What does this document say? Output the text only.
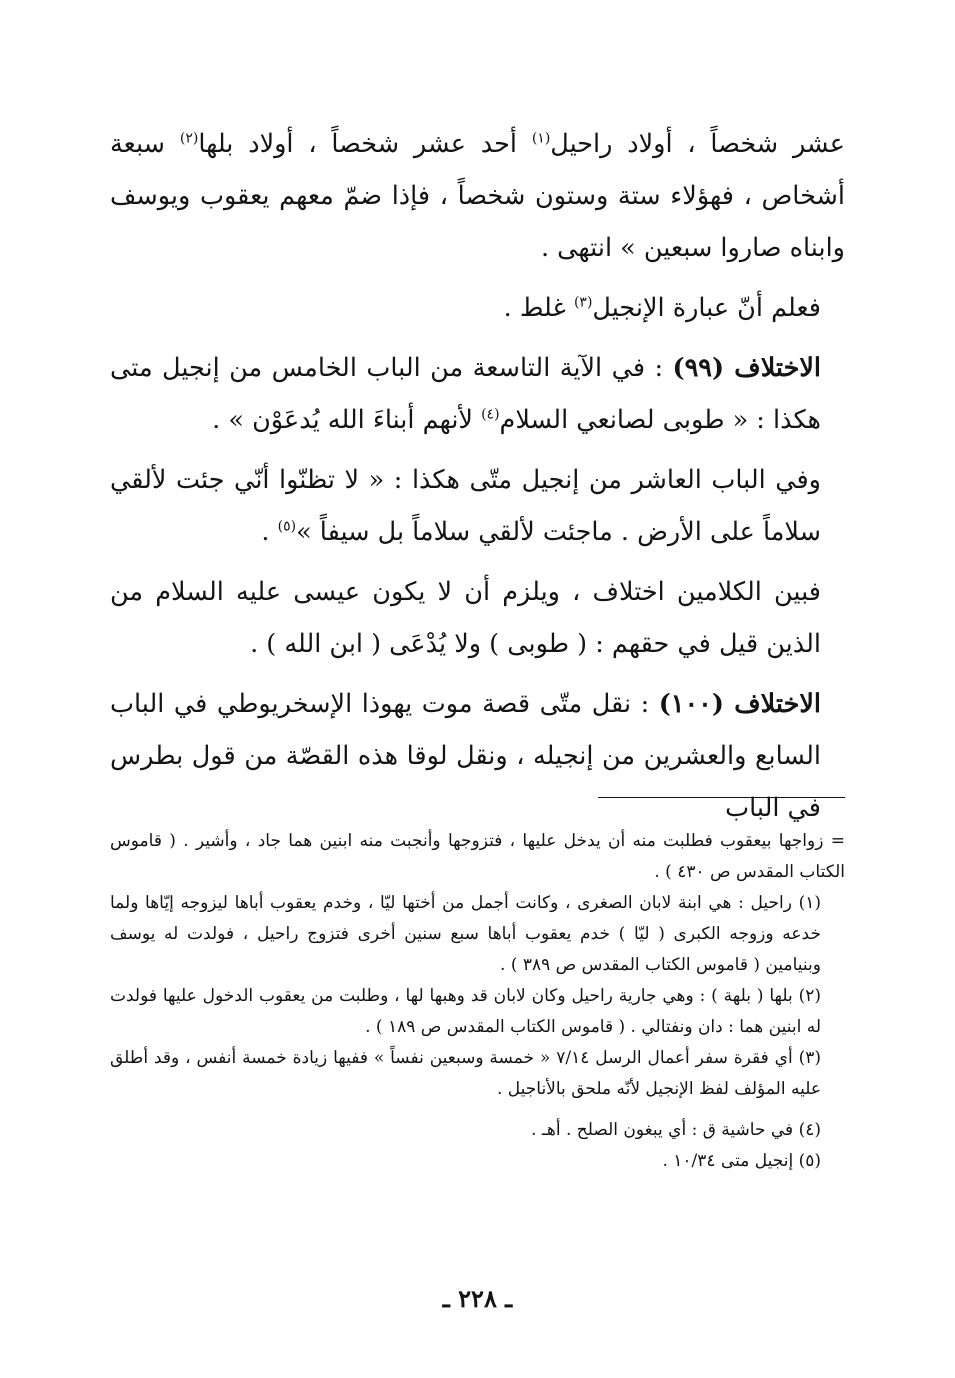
عشر شخصاً ، أولاد راحيل$^{(١)}$ أحد عشر شخصاً ، أولاد بلها$^{(٢)}$ سبعة أشخاص ، فهؤلاء ستة وستون شخصاً ، فإذا ضمّ معهم يعقوب ويوسف وابناه صاروا سبعين » انتهى .

فعلم أنّ عبارة الإنجيل$^{(٣)}$ غلط .

الاختلاف (٩٩) : في الآية التاسعة من الباب الخامس من إنجيل متى هكذا : « طوبى لصانعي السلام$^{(٤)}$ لأنهم أبناءَ الله يُدعَوْن » .

وفي الباب العاشر من إنجيل متّى هكذا : « لا تظنّوا أنّي جئت لألقي سلاماً على الأرض . ماجئت لألقي سلاماً بل سيفاً »$^{(٥)}$ .

فبين الكلامين اختلاف ، ويلزم أن لا يكون عيسى عليه السلام من الذين قيل في حقهم : ( طوبى ) ولا يُدْعَى ( ابن الله ) .

الاختلاف (١٠٠) : نقل متّى قصة موت يهوذا الإسخريوطي في الباب السابع والعشرين من إنجيله ، ونقل لوقا هذه القصّة من قول بطرس في الباب

= زواجها بيعقوب فطلبت منه أن يدخل عليها ، فتزوجها وأنجبت منه ابنين هما جاد ، وأشير . ( قاموس الكتاب المقدس ص ٤٣٠ ) .

(١) راحيل : هي ابنة لابان الصغرى ، وكانت أجمل من أختها ليّا ، وخدم يعقوب أباها ليزوجه إيّاها ولما خدعه وزوجه الكبرى ( ليّا ) خدم يعقوب أباها سبع سنين أخرى فتزوج راحيل ، فولدت له يوسف وبنيامين ( قاموس الكتاب المقدس ص ٣٨٩ ) .

(٢) بلها ( بلهة ) : وهي جارية راحيل وكان لابان قد وهبها لها ، وطلبت من يعقوب الدخول عليها فولدت له ابنين هما : دان ونفتالي . ( قاموس الكتاب المقدس ص ١٨٩ ) .

(٣) أي فقرة سفر أعمال الرسل ٧/١٤ « خمسة وسبعين نفساً » ففيها زيادة خمسة أنفس ، وقد أطلق عليه المؤلف لفظ الإنجيل لأنّه ملحق بالأناجيل .

(٤) في حاشية ق : أي يبغون الصلح . أهـ .

(٥) إنجيل متى ١٠/٣٤ .

ـ ٢٢٨ ـ
